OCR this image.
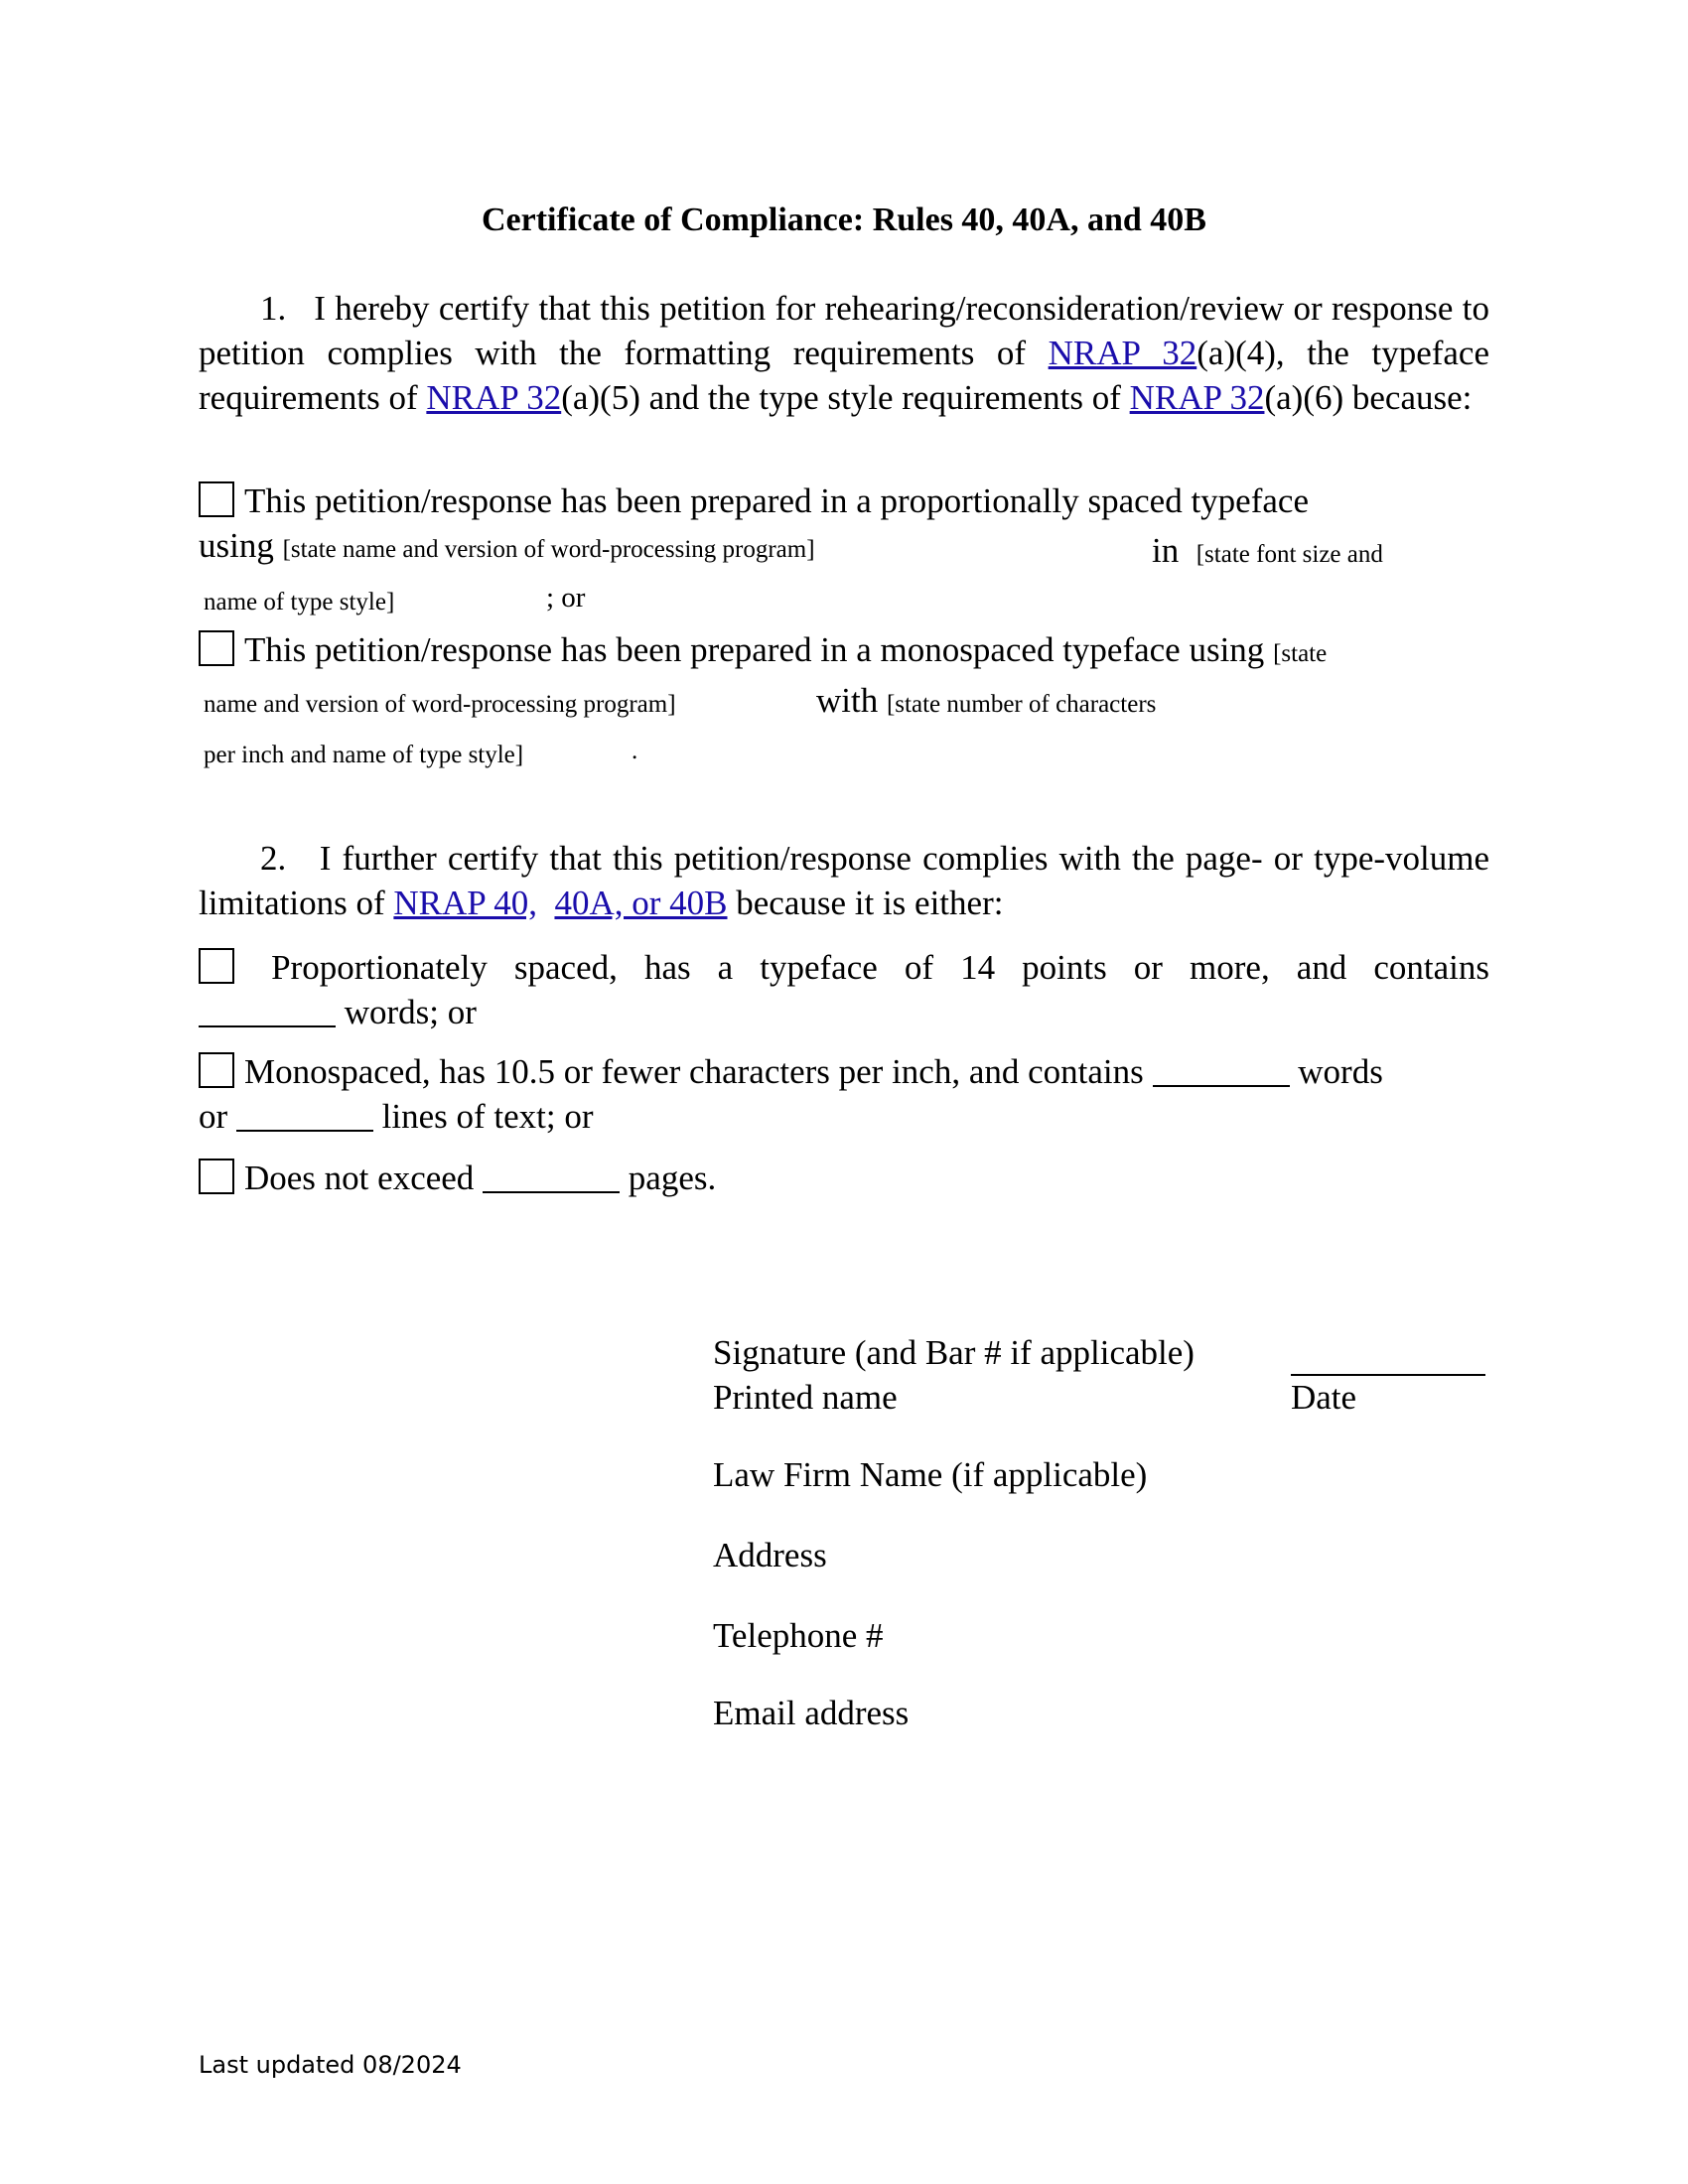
Certificate of Compliance: Rules 40, 40A, and 40B

1. I hereby certify that this petition for rehearing/reconsideration/review or response to petition complies with the formatting requirements of NRAP 32(a)(4), the typeface requirements of NRAP 32(a)(5) and the type style requirements of NRAP 32(a)(6) because:

This petition/response has been prepared in a proportionally spaced typeface
using [state name and version of word-processing program]	in [state font size and
name of type style]	; or
This petition/response has been prepared in a monospaced typeface using [state
name and version of word-processing program]	with [state number of characters
per inch and name of type style]	.

2. I further certify that this petition/response complies with the page- or type-volume limitations of NRAP 40, 40A, or 40B because it is either:

Proportionately spaced, has a typeface of 14 points or more, and contains
words; or
Monospaced, has 10.5 or fewer characters per inch, and contains	words
or	lines of text; or
Does not exceed	pages.
Signature (and Bar # if applicable)
Printed name	Date
Law Firm Name (if applicable)
Address
Telephone #
Email address
Last updated 08/2024
